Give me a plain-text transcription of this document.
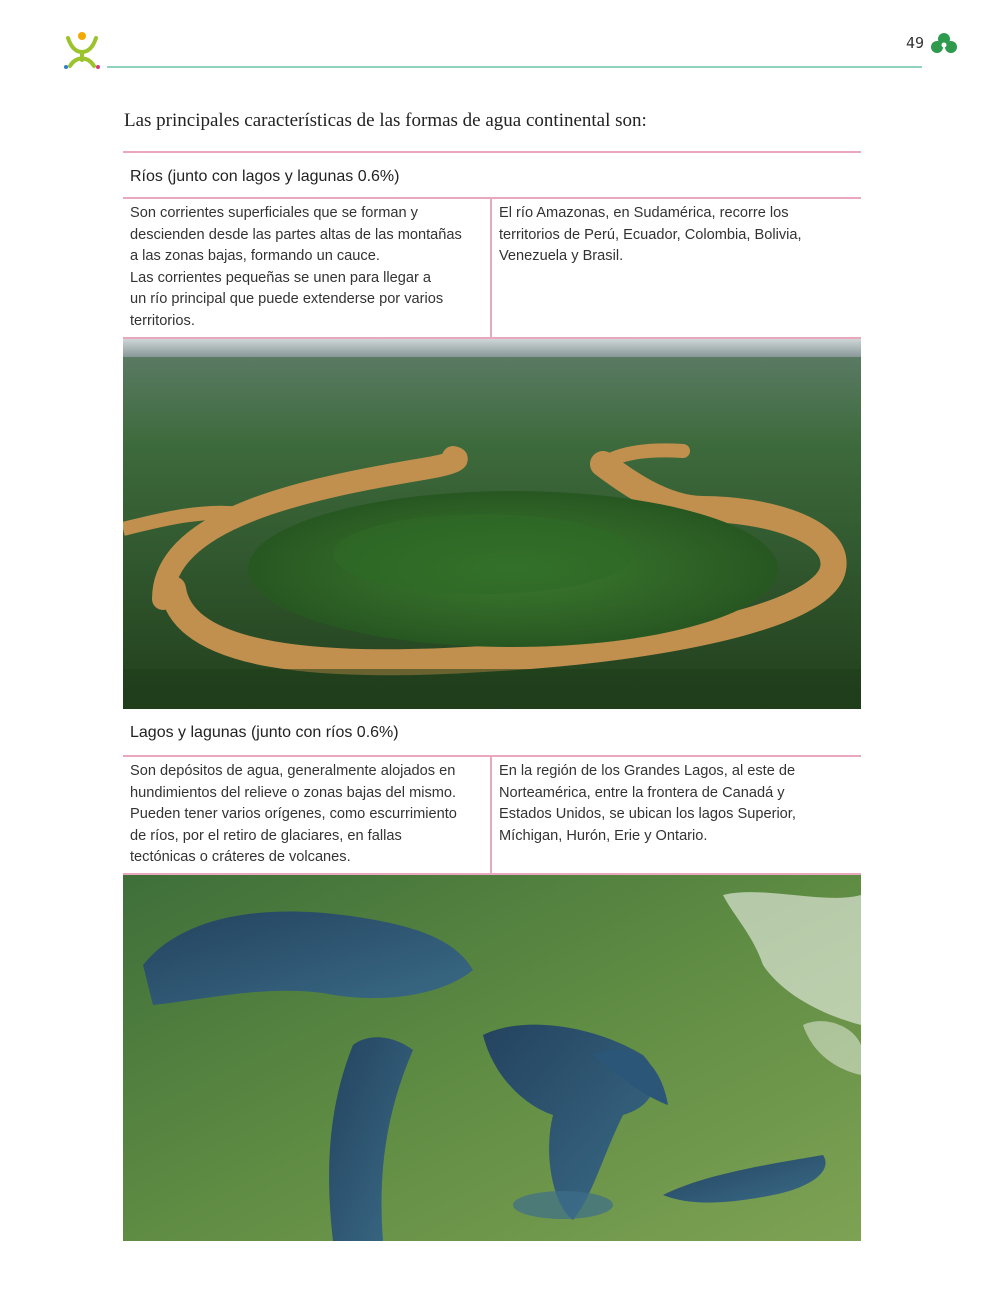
49
Las principales características de las formas de agua continental son:
Ríos (junto con lagos y lagunas 0.6%)
Son corrientes superficiales que se forman y
descienden desde las partes altas de las montañas
a las zonas bajas, formando un cauce.
Las corrientes pequeñas se unen para llegar a
un río principal que puede extenderse por varios
territorios.
El río Amazonas, en Sudamérica, recorre los
territorios de Perú, Ecuador, Colombia, Bolivia,
Venezuela y Brasil.
Lagos y lagunas (junto con ríos 0.6%)
Son depósitos de agua, generalmente alojados en
hundimientos del relieve o zonas bajas del mismo.
Pueden tener varios orígenes, como escurrimiento
de ríos, por el retiro de glaciares, en fallas
tectónicas o cráteres de volcanes.
En la región de los Grandes Lagos, al este de
Norteamérica, entre la frontera de Canadá y
Estados Unidos, se ubican los lagos Superior,
Míchigan, Hurón, Erie y Ontario.
